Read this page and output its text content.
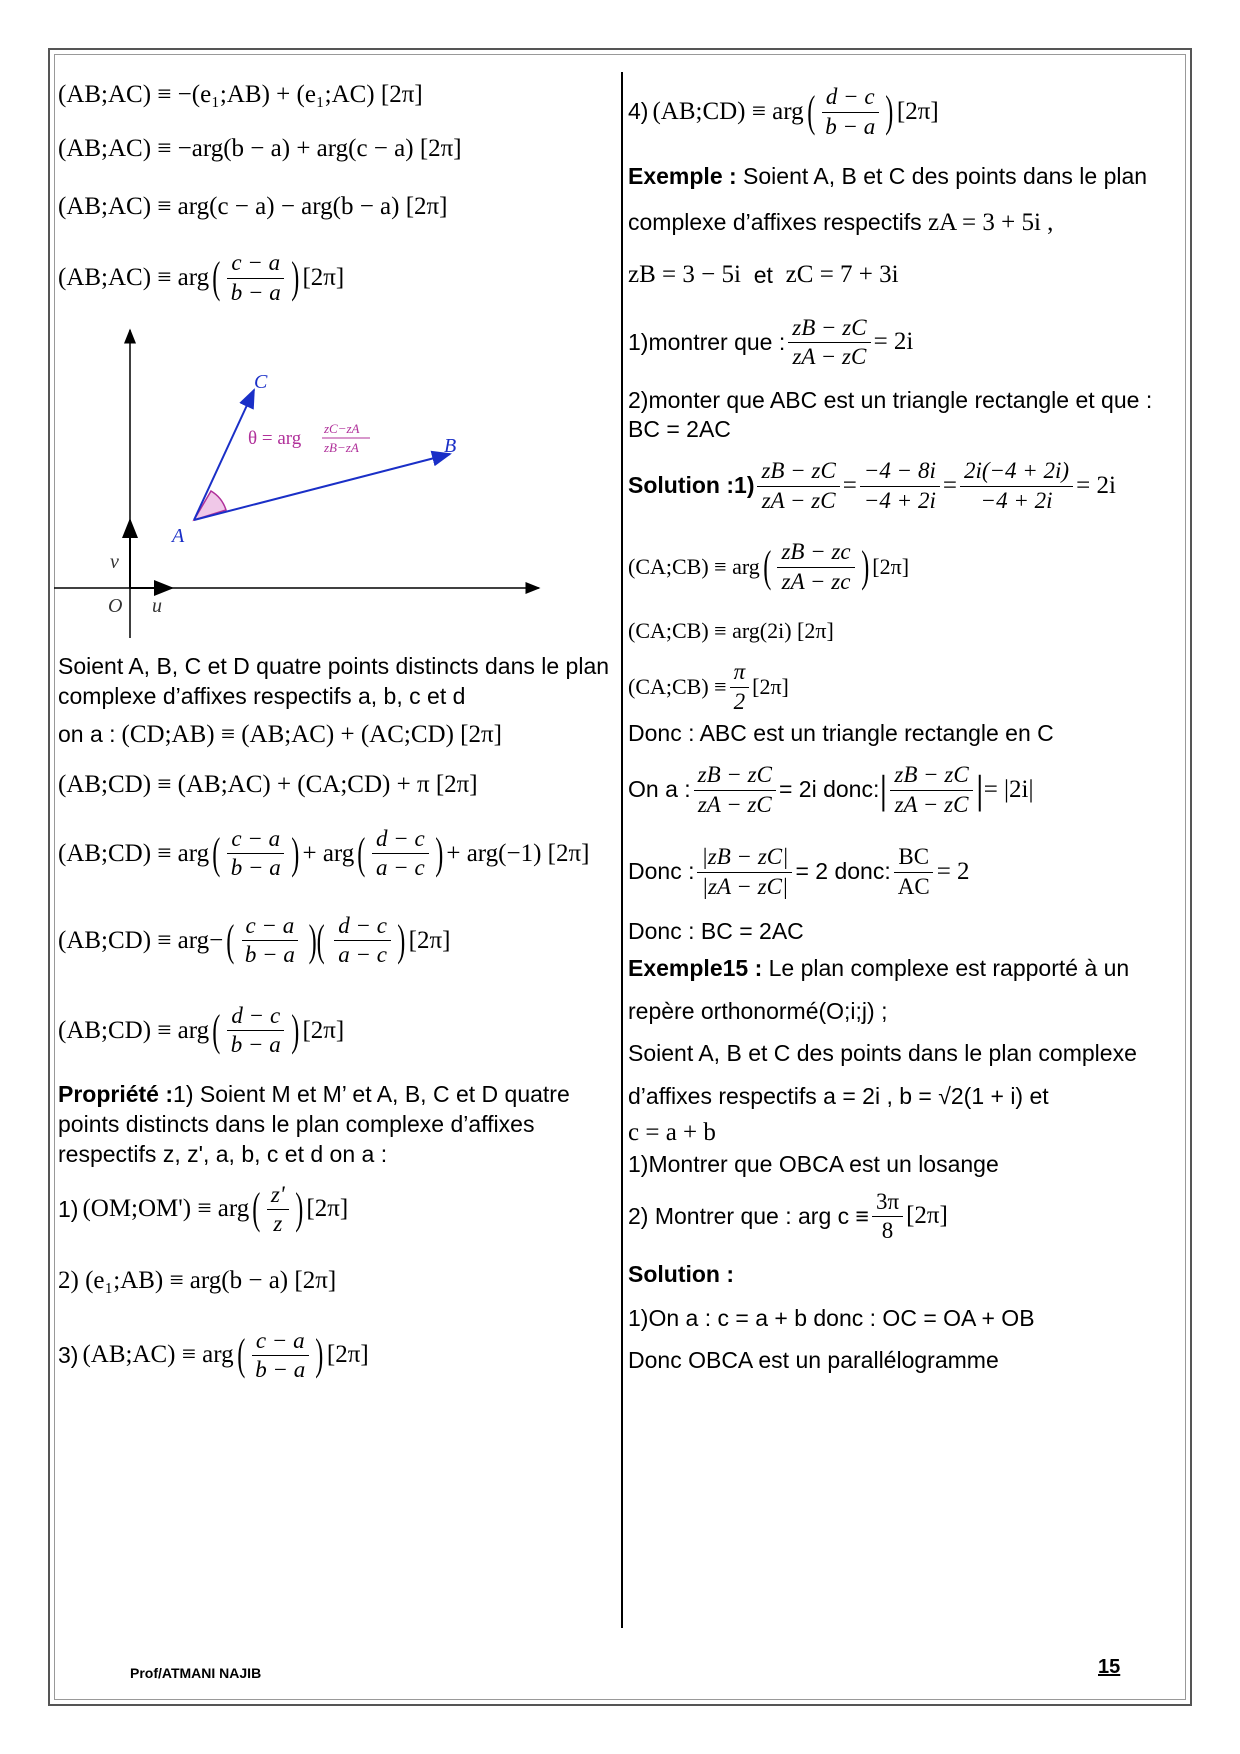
(AB;AC) ≡ −(e₁;AB) + (e₁;AC) [2π]
(AB;AC) ≡ −arg(b − a) + arg(c − a) [2π]
(AB;AC) ≡ arg(c − a) − arg(b − a) [2π]
(AB;AC) ≡ arg ( $\frac{c - a}{b - a}$ ) [2π]
C
B
A
O u
v
θ = arg zC−zA
zB−zA
Soient A, B, C et D quatre points distincts dans le plan complexe d’affixes respectifs a, b, c et d
on a : (CD;AB) ≡ (AB;AC) + (AC;CD) [2π]
(AB;CD) ≡ (AB;AC) + (CA;CD) + π [2π]
(AB;CD) ≡ arg ( $\frac{c - a}{b - a}$ ) + arg ( $\frac{d - c}{a - c}$ ) + arg(−1) [2π]
(AB;CD) ≡ arg− ( $\frac{c - a}{b - a}$ )( $\frac{d - c}{a - c}$ ) [2π]
(AB;CD) ≡ arg ( $\frac{d - c}{b - a}$ ) [2π]
Propriété :1) Soient M et M’ et A, B, C et D quatre points distincts dans le plan complexe d’affixes respectifs z, z', a, b, c et d on a :
1) (OM;OM') ≡ arg ( $\frac{z'}{z}$ ) [2π]
2) (e₁;AB) ≡ arg(b − a) [2π]
3) (AB;AC) ≡ arg ( $\frac{c - a}{b - a}$ ) [2π]
4) (AB;CD) ≡ arg ( $\frac{d - c}{b - a}$ ) [2π]
Exemple : Soient A, B et C des points dans le plan complexe d’affixes respectifs zA = 3 + 5i ,
zB = 3 − 5i
et
zC = 7 + 3i
1)montrer que : $\frac{zB - zC}{zA - zC} = 2i$
2)monter que ABC est un triangle rectangle et que : BC = 2AC
Solution :1) $\frac{zB - zC}{zA - zC} = \frac{-4 - 8i}{-4 + 2i} = \frac{2i(-4 + 2i)}{-4 + 2i} = 2i$
(CA;CB) ≡ arg ( $\frac{zB - zc}{zA - zc}$ ) [2π]
(CA;CB) ≡ arg(2i) [2π]
(CA;CB) ≡ $\frac{\pi}{2} [2\pi]$
Donc : ABC est un triangle rectangle en C
On a : $\frac{zB - zC}{zA - zC} = 2i$ donc: | $\frac{zB - zC}{zA - zC}$ | = |2i|
Donc : $\frac{|zB - zC|}{|zA - zC|} = 2$ donc: $\frac{BC}{AC} = 2$
Donc : BC = 2AC
Exemple15 : Le plan complexe est rapporté à un repère orthonormé(O;i;j) ;
Soient A, B et C des points dans le plan complexe d’affixes respectifs a = 2i , b = √2(1 + i) et
c = a + b
1)Montrer que OBCA est un losange
2) Montrer que : arg $c \equiv \frac{3\pi}{8} [2\pi]$
Solution :
1)On a : c = a + b donc : OC = OA + OB
Donc OBCA est un parallélogramme
Prof/ATMANI NAJIB	15
